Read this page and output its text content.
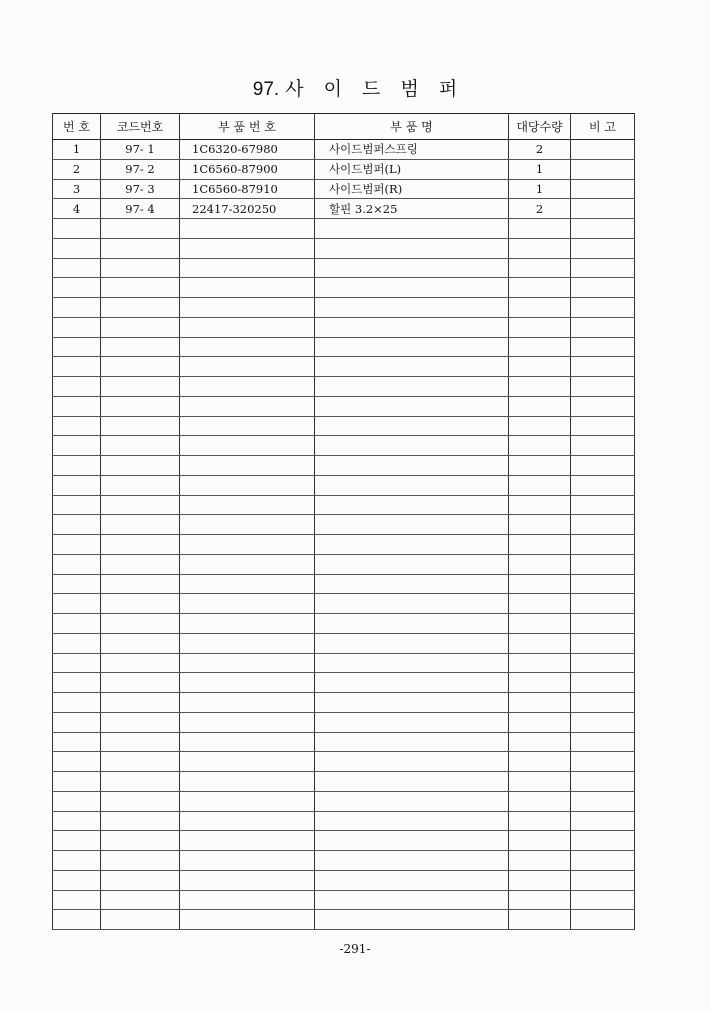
97. 사 이 드 범 퍼
번 호	코드번호	부 품 번 호	부 품 명	대당수량	비 고
1	97- 1	1C6320-67980	사이드범퍼스프링	2	
2	97- 2	1C6560-87900	사이드범퍼(L)	1	
3	97- 3	1C6560-87910	사이드범퍼(R)	1	
4	97- 4	22417-320250	할핀 3.2×25	2	

-291-
